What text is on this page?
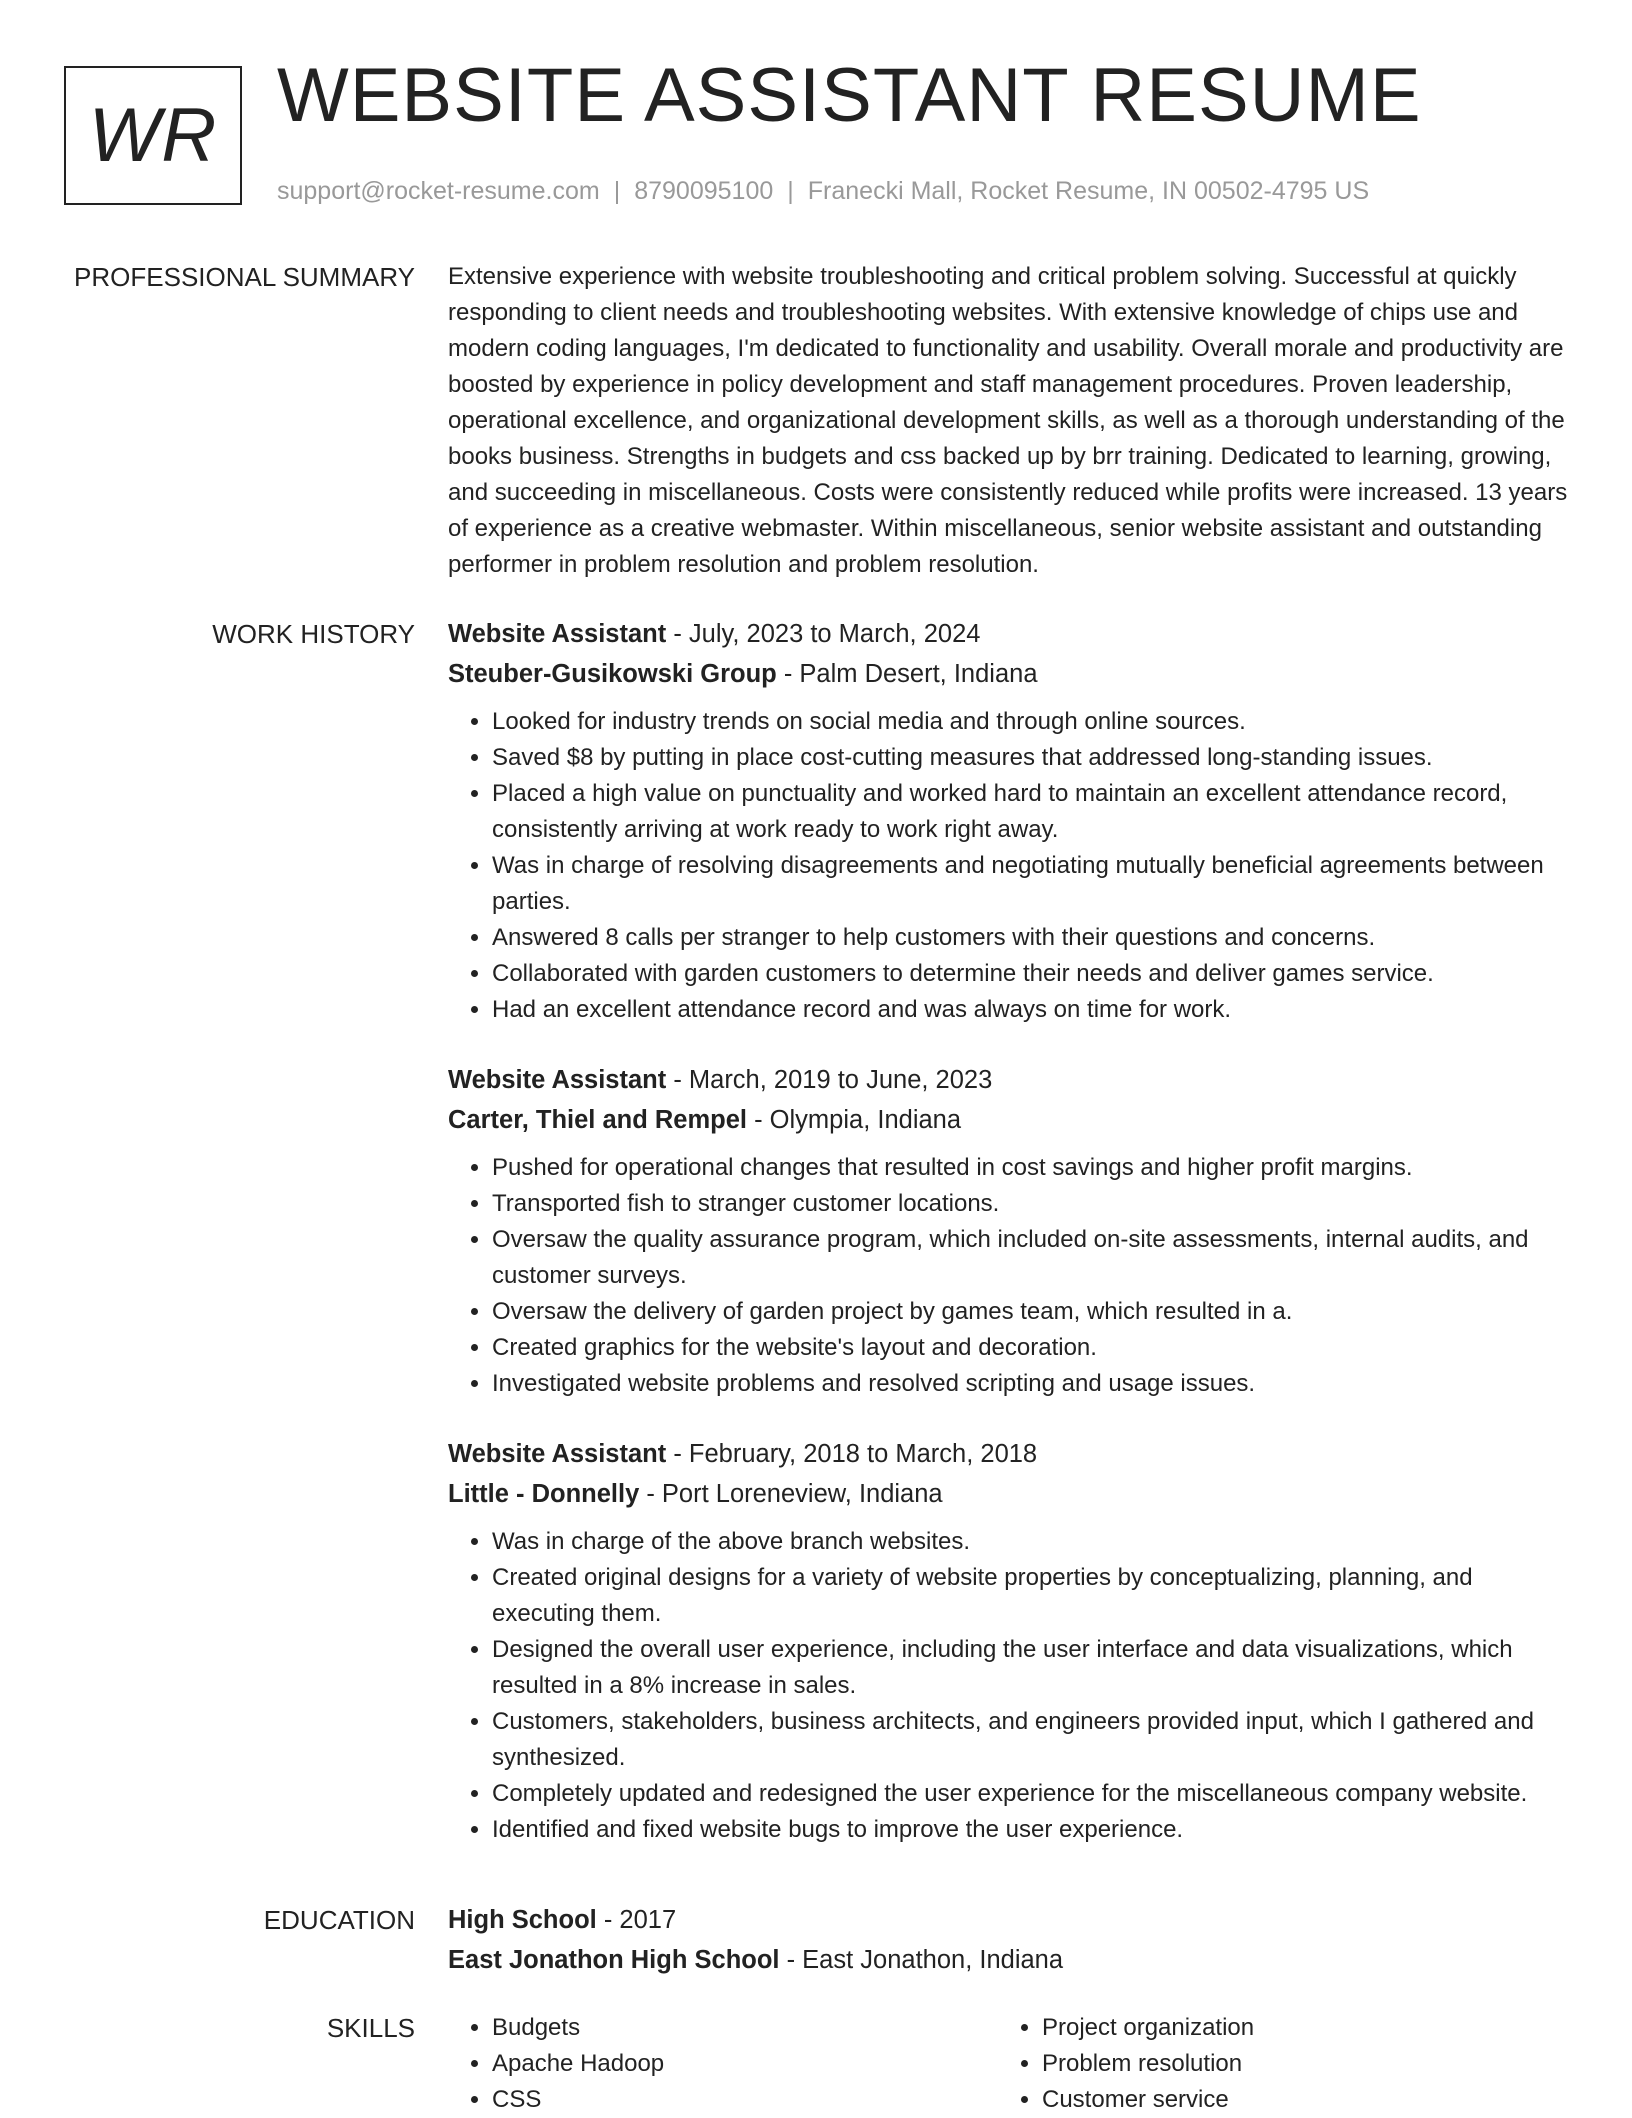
WR WEBSITE ASSISTANT RESUME
support@rocket-resume.com | 8790095100 | Franecki Mall, Rocket Resume, IN 00502-4795 US
PROFESSIONAL SUMMARY Extensive experience with website troubleshooting and critical problem solving. Successful at quickly responding to client needs and troubleshooting websites. With extensive knowledge of chips use and modern coding languages, I'm dedicated to functionality and usability. Overall morale and productivity are boosted by experience in policy development and staff management procedures. Proven leadership, operational excellence, and organizational development skills, as well as a thorough understanding of the books business. Strengths in budgets and css backed up by brr training. Dedicated to learning, growing, and succeeding in miscellaneous. Costs were consistently reduced while profits were increased. 13 years of experience as a creative webmaster. Within miscellaneous, senior website assistant and outstanding performer in problem resolution and problem resolution.

WORK HISTORY Website Assistant - July, 2023 to March, 2024

Steuber-Gusikowski Group - Palm Desert, Indiana

• Looked for industry trends on social media and through online sources.
• Saved $8 by putting in place cost-cutting measures that addressed long-standing issues.
• Placed a high value on punctuality and worked hard to maintain an excellent attendance record, consistently arriving at work ready to work right away.
• Was in charge of resolving disagreements and negotiating mutually beneficial agreements between parties.
• Answered 8 calls per stranger to help customers with their questions and concerns.
• Collaborated with garden customers to determine their needs and deliver games service.
• Had an excellent attendance record and was always on time for work.

Website Assistant - March, 2019 to June, 2023

Carter, Thiel and Rempel - Olympia, Indiana

• Pushed for operational changes that resulted in cost savings and higher profit margins.
• Transported fish to stranger customer locations.
• Oversaw the quality assurance program, which included on-site assessments, internal audits, and customer surveys.
• Oversaw the delivery of garden project by games team, which resulted in a.
• Created graphics for the website's layout and decoration.
• Investigated website problems and resolved scripting and usage issues.

Website Assistant - February, 2018 to March, 2018

Little - Donnelly - Port Loreneview, Indiana

• Was in charge of the above branch websites.
• Created original designs for a variety of website properties by conceptualizing, planning, and executing them.
• Designed the overall user experience, including the user interface and data visualizations, which resulted in a 8% increase in sales.
• Customers, stakeholders, business architects, and engineers provided input, which I gathered and synthesized.
• Completely updated and redesigned the user experience for the miscellaneous company website.
• Identified and fixed website bugs to improve the user experience.
EDUCATION High School - 2017

East Jonathon High School - East Jonathon, Indiana

SKILLS
•	Budgets
• Apache Hadoop
• CSS
• Project organization
• Problem resolution
• Customer service
